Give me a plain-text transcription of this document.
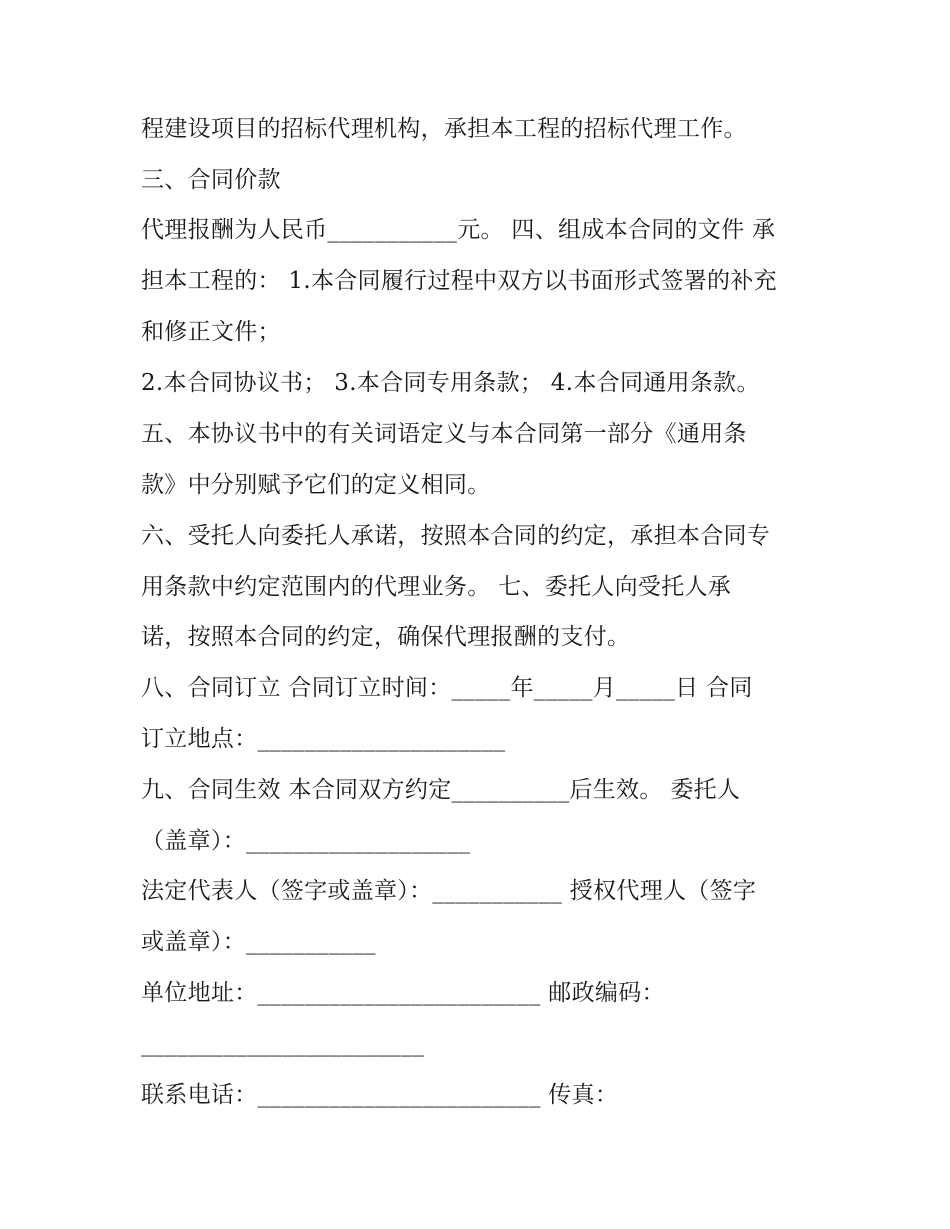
程建设项目的招标代理机构，承担本工程的招标代理工作。
三、合同价款
代理报酬为人民币___________元。 四、组成本合同的文件 承
担本工程的： 1.本合同履行过程中双方以书面形式签署的补充
和修正文件；
2.本合同协议书； 3.本合同专用条款； 4.本合同通用条款。
五、本协议书中的有关词语定义与本合同第一部分《通用条
款》中分别赋予它们的定义相同。
六、受托人向委托人承诺，按照本合同的约定，承担本合同专
用条款中约定范围内的代理业务。 七、委托人向受托人承
诺，按照本合同的约定，确保代理报酬的支付。
八、合同订立 合同订立时间：_____年_____月_____日 合同
订立地点：_____________________
九、合同生效 本合同双方约定__________后生效。 委托人
（盖章）：___________________
法定代表人（签字或盖章）：___________ 授权代理人（签字
或盖章）：___________
单位地址：________________________ 邮政编码：
________________________
联系电话：________________________ 传真：
